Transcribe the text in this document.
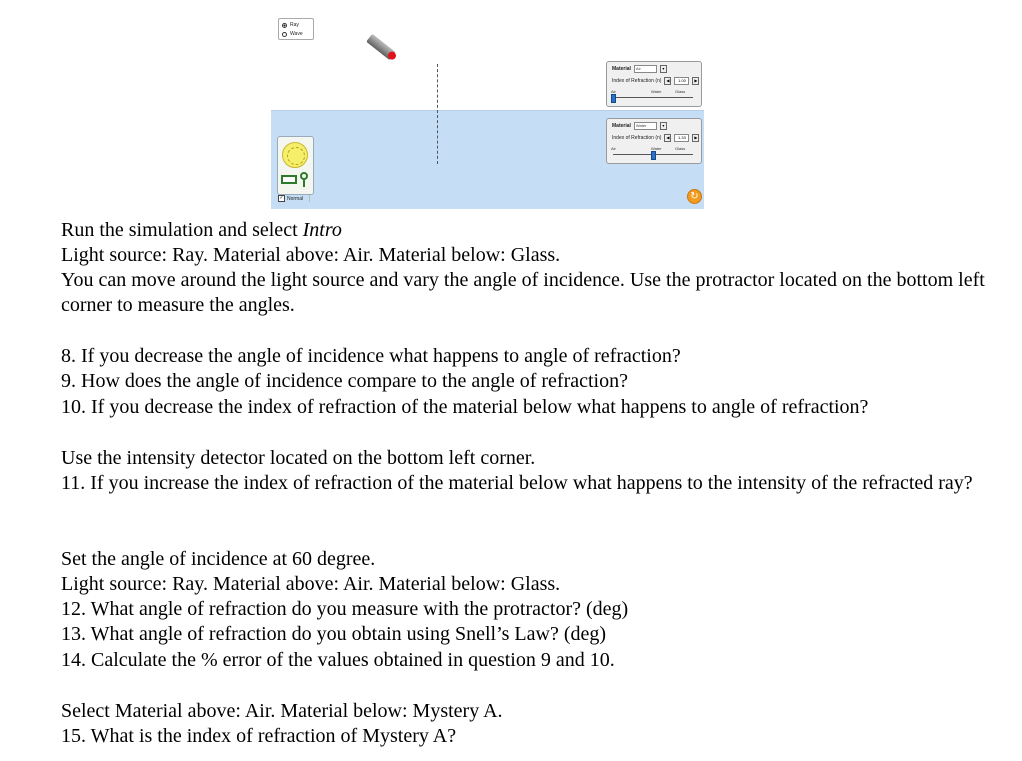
Ray
Wave
Material	Air	▾
Index of Refraction (n)	◀	1.00	▶
Air	Water	Glass
Material	Water	▾
Index of Refraction (n)	◀	1.33	▶
Air	Water	Glass
✓ Normal	↻
Run the simulation and select Intro
Light source: Ray. Material above: Air. Material below: Glass.
You can move around the light source and vary the angle of incidence. Use the protractor located on the bottom left corner to measure the angles.
8. If you decrease the angle of incidence what happens to angle of refraction?
9. How does the angle of incidence compare to the angle of refraction?
10. If you decrease the index of refraction of the material below what happens to angle of refraction?
Use the intensity detector located on the bottom left corner.
11. If you increase the index of refraction of the material below what happens to the intensity of the refracted ray?
Set the angle of incidence at 60 degree.
Light source: Ray. Material above: Air. Material below: Glass.
12. What angle of refraction do you measure with the protractor? (deg)
13. What angle of refraction do you obtain using Snell’s Law? (deg)
14. Calculate the % error of the values obtained in question 9 and 10.
Select Material above: Air. Material below: Mystery A.
15. What is the index of refraction of Mystery A?
